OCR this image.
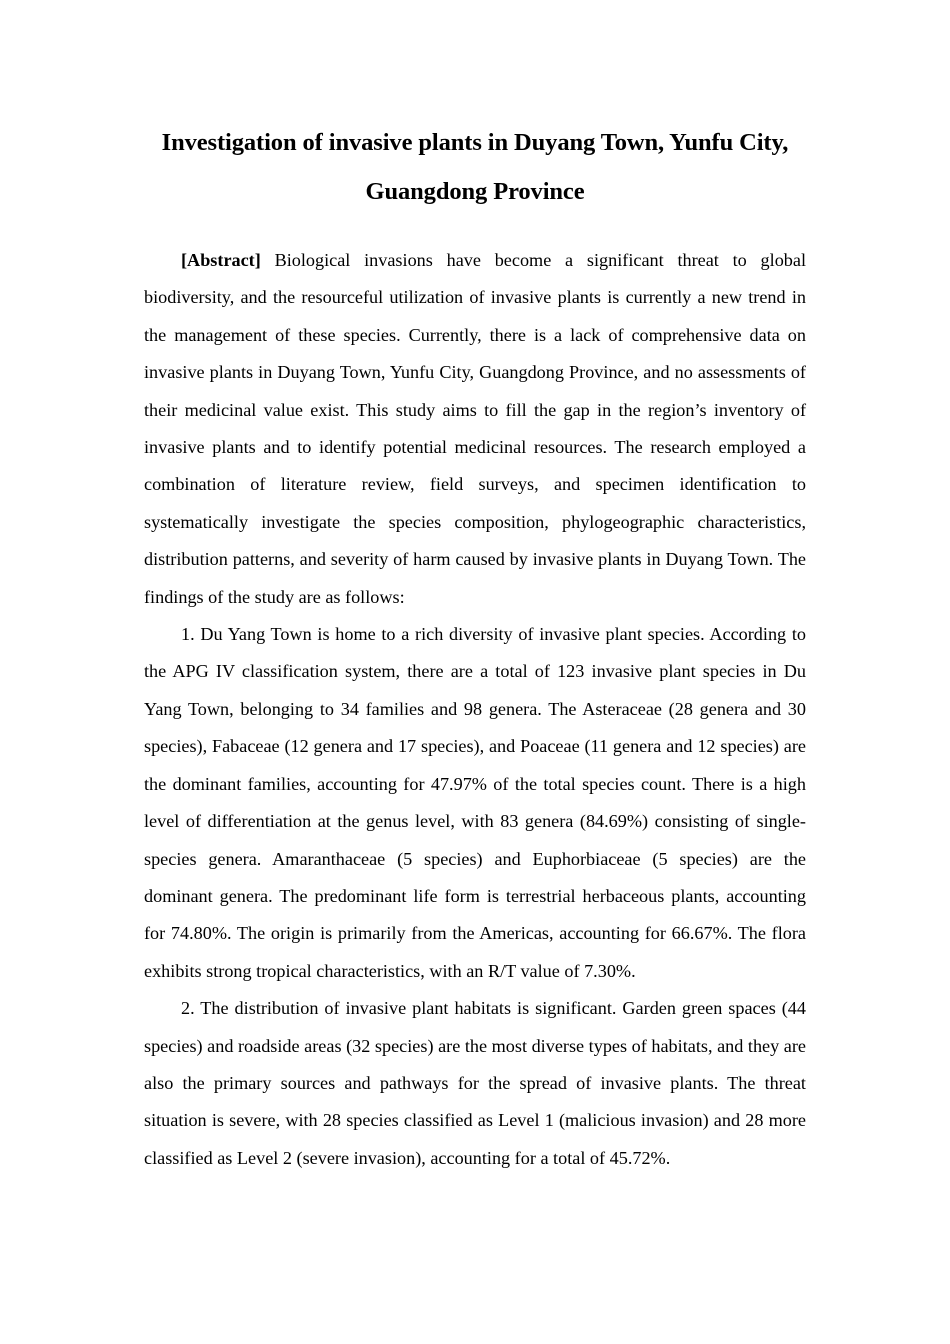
Investigation of invasive plants in Duyang Town, Yunfu City,
Guangdong Province

[Abstract] Biological invasions have become a significant threat to global biodiversity, and the resourceful utilization of invasive plants is currently a new trend in the management of these species. Currently, there is a lack of comprehensive data on invasive plants in Duyang Town, Yunfu City, Guangdong Province, and no assessments of their medicinal value exist. This study aims to fill the gap in the region’s inventory of invasive plants and to identify potential medicinal resources. The research employed a combination of literature review, field surveys, and specimen identification to systematically investigate the species composition, phylogeographic characteristics, distribution patterns, and severity of harm caused by invasive plants in Duyang Town. The findings of the study are as follows:

1. Du Yang Town is home to a rich diversity of invasive plant species. According to the APG IV classification system, there are a total of 123 invasive plant species in Du Yang Town, belonging to 34 families and 98 genera. The Asteraceae (28 genera and 30 species), Fabaceae (12 genera and 17 species), and Poaceae (11 genera and 12 species) are the dominant families, accounting for 47.97% of the total species count. There is a high level of differentiation at the genus level, with 83 genera (84.69%) consisting of single-species genera. Amaranthaceae (5 species) and Euphorbiaceae (5 species) are the dominant genera. The predominant life form is terrestrial herbaceous plants, accounting for 74.80%. The origin is primarily from the Americas, accounting for 66.67%. The flora exhibits strong tropical characteristics, with an R/T value of 7.30%.

2. The distribution of invasive plant habitats is significant. Garden green spaces (44 species) and roadside areas (32 species) are the most diverse types of habitats, and they are also the primary sources and pathways for the spread of invasive plants. The threat situation is severe, with 28 species classified as Level 1 (malicious invasion) and 28 more classified as Level 2 (severe invasion), accounting for a total of 45.72%.
